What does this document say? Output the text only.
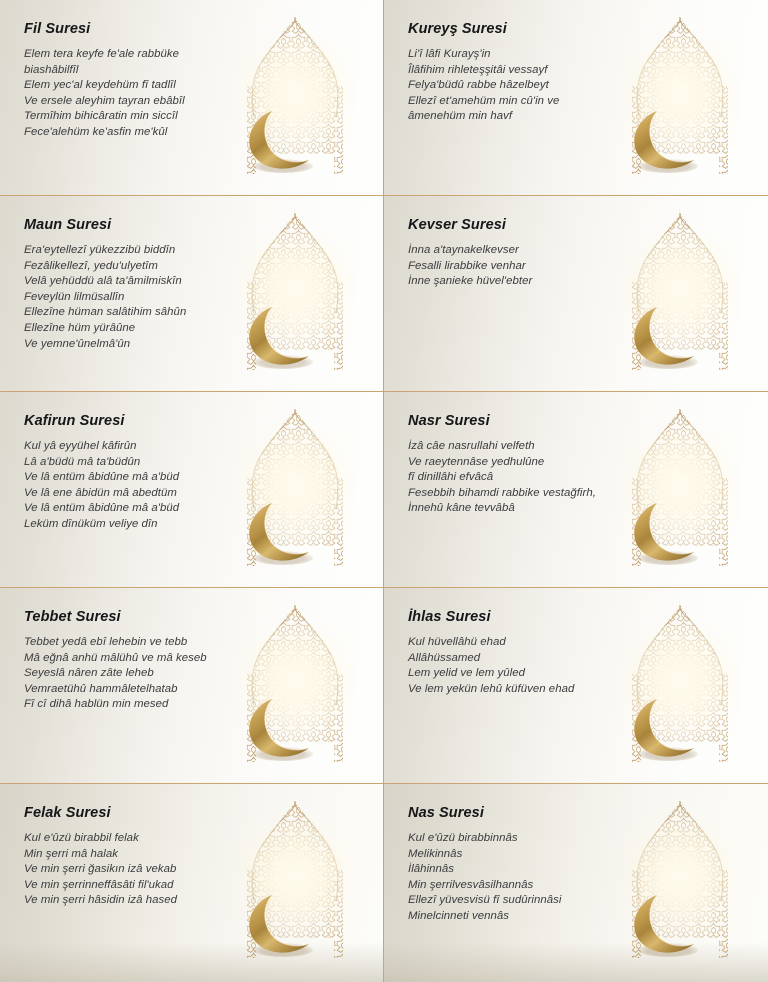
Fil Suresi
Elem tera keyfe fe'ale rabbüke
biashâbilfîl
Elem yec'al keydehüm fî tadlîl
Ve ersele aleyhim tayran ebâbîl
Termîhim bihicâratin min siccîl
Fece'alehüm ke'asfin me'kûl
Kureyş Suresi
Li'î lâfi Kurayş'in
Îlâfihim rihleteşşitâi vessayf
Felya'büdû rabbe hâzelbeyt
Ellezî et'amehüm min cû'in ve
âmenehüm min havf
Maun Suresi
Era'eytellezî yükezzibü biddîn
Fezâlikellezî, yedu'ulyetîm
Velâ yehüddü alâ ta'âmilmiskîn
Feveylün lilmüsallîn
Ellezîne hüman salâtihim sâhûn
Ellezîne hüm yürâûne
Ve yemne'ûnelmâ'ûn
Kevser Suresi
İnna a'taynakelkevser
Fesalli lirabbike venhar
İnne şanieke hüvel'ebter
Kafirun Suresi
Kul yâ eyyühel kâfirûn
Lâ a'büdü mâ ta'büdûn
Ve lâ entüm âbidûne mâ a'büd
Ve lâ ene âbidün mâ abedtüm
Ve lâ entüm âbidûne mâ a'büd
Leküm dînüküm veliye dîn
Nasr Suresi
İzâ câe nasrullahi velfeth
Ve raeytennâse yedhulûne
fî dinillâhi efvâcâ
Fesebbih bihamdi rabbike vestağfirh,
İnnehû kâne tevvâbâ
Tebbet Suresi
Tebbet yedâ ebî lehebin ve tebb
Mâ eğnâ anhü mâlühû ve mâ keseb
Seyeslâ nâren zâte leheb
Vemraetühû hammâletelhatab
Fî cî dihâ hablün min mesed
İhlas Suresi
Kul hüvellâhü ehad
Allâhüssamed
Lem yelid ve lem yûled
Ve lem yekün lehû küfüven ehad
Felak Suresi
Kul e'ûzü birabbil felak
Min şerri mâ halak
Ve min şerri ğasikın izâ vekab
Ve min şerrinneffâsâti fil'ukad
Ve min şerri hâsidin izâ hased
Nas Suresi
Kul e'ûzü birabbinnâs
Melikinnâs
İlâhinnâs
Min şerrilvesvâsilhannâs
Ellezî yüvesvisü fî sudûrinnâsi
Minelcinneti vennâs
